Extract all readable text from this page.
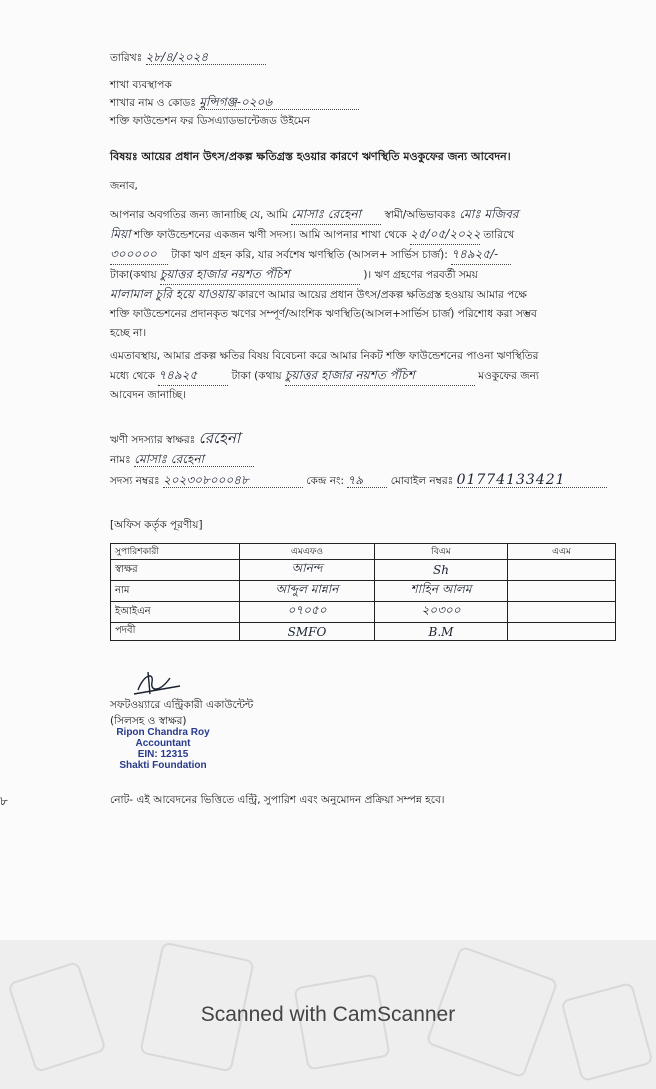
তারিখঃ ২৮/৪/২০২৪
শাখা ব্যবস্থাপক
শাখার নাম ও কোডঃ মুন্সিগঞ্জ-০২০৬
শক্তি ফাউন্ডেশন ফর ডিসএ্যাডভান্টেজড উইমেন
বিষয়ঃ আয়ের প্রধান উৎস/প্রকল্প ক্ষতিগ্রস্ত হওয়ার কারণে ঋণস্থিতি মওকুফের জন্য আবেদন।
জনাব,
আপনার অবগতির জন্য জানাচ্ছি যে, আমি মোসাঃ রেহেনা স্বামী/অভিভাবকঃ মোঃ মজিবর
মিয়া শক্তি ফাউন্ডেশনের একজন ঋণী সদস্য। আমি আপনার শাখা থেকে ২৫/০৫/২০২২ তারিখে
৩০০০০০ টাকা ঋণ গ্রহন করি, যার সর্বশেষ ঋণস্থিতি (আসল+ সার্ভিস চার্জ): ৭৪৯২৫/-
টাকা(কথায় চুয়াত্তর হাজার নয়শত পঁচিশ	)। ঋণ গ্রহণের পরবর্তী সময়
মালামাল চুরি হয়ে যাওয়ায় কারণে আমার আয়ের প্রধান উৎস/প্রকল্প ক্ষতিগ্রস্ত হওয়ায় আমার পক্ষে
শক্তি ফাউন্ডেশনের প্রদানকৃত ঋণের সম্পূর্ণ/আংশিক ঋণস্থিতি(আসল+সার্ভিস চার্জ) পরিশোধ করা সম্ভব
হচ্ছে না।
এমতাবস্থায়, আমার প্রকল্প ক্ষতির বিষয় বিবেচনা করে আমার নিকট শক্তি ফাউন্ডেশনের পাওনা ঋণস্থিতির
মধ্যে থেকে ৭৪৯২৫	টাকা (কথায় চুয়াত্তর হাজার নয়শত পঁচিশ	মওকুফের জন্য
আবেদন জানাচ্ছি।
ঋণী সদস্যার স্বাক্ষরঃ রেহেনা
নামঃ মোসাঃ রেহেনা
সদস্য নম্বরঃ ২০২৩০৮০০০৪৮	কেন্দ্র নং: ৭৯	মোবাইল নম্বরঃ 01774133421
[অফিস কর্তৃক পূরণীয়]
সুপারিশকারী	এমএফও	বিএম	এএম
স্বাক্ষর	আনন্দ	Sh	
নাম	আব্দুল মান্নান	শাহিন আলম	
ইআইএন	০৭০৫০	২০৩০০	
পদবী	SMFO	B.M	
সফটওয়্যারে এন্ট্রিকারী একাউন্টেন্ট
(সিলসহ ও স্বাক্ষর)
Ripon Chandra Roy
Accountant
EIN: 12315
Shakti Foundation
৮	নোট- এই আবেদনের ভিত্তিতে এন্ট্রি, সুপারিশ এবং অনুমোদন প্রক্রিয়া সম্পন্ন হবে।
Scanned with CamScanner
